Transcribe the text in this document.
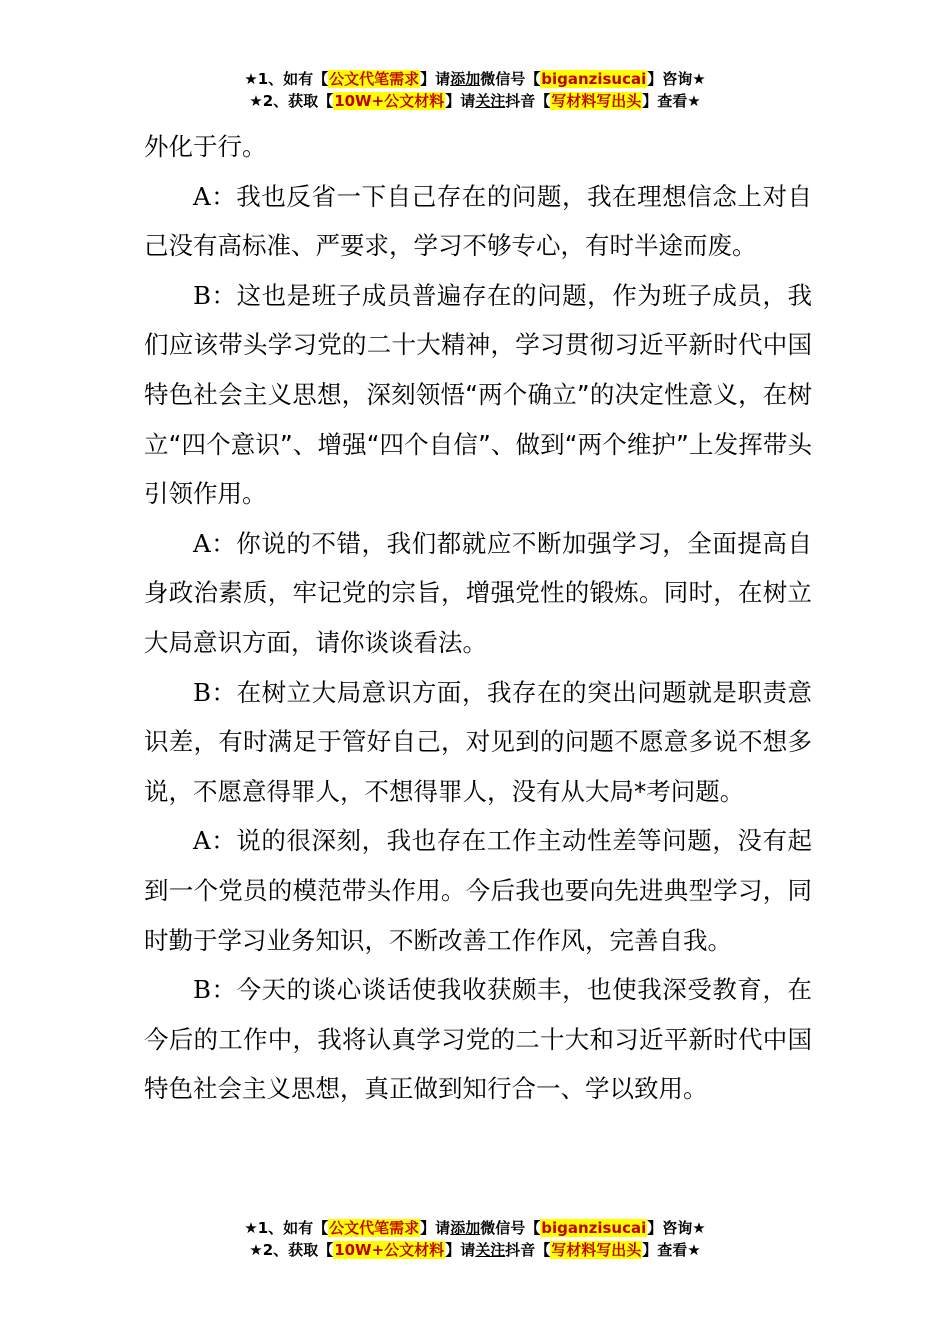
★1、如有【公文代笔需求】请添加微信号【biganzisucai】咨询★
★2、获取【10W+公文材料】请关注抖音【写材料写出头】查看★

外化于行。

A：我也反省一下自己存在的问题，我在理想信念上对自己没有高标准、严要求，学习不够专心，有时半途而废。

B：这也是班子成员普遍存在的问题，作为班子成员，我们应该带头学习党的二十大精神，学习贯彻习近平新时代中国特色社会主义思想，深刻领悟“两个确立”的决定性意义，在树立“四个意识”、增强“四个自信”、做到“两个维护”上发挥带头引领作用。

A：你说的不错，我们都就应不断加强学习，全面提高自身政治素质，牢记党的宗旨，增强党性的锻炼。同时，在树立大局意识方面，请你谈谈看法。

B：在树立大局意识方面，我存在的突出问题就是职责意识差，有时满足于管好自己，对见到的问题不愿意多说不想多说，不愿意得罪人，不想得罪人，没有从大局*考问题。

A：说的很深刻，我也存在工作主动性差等问题，没有起到一个党员的模范带头作用。今后我也要向先进典型学习，同时勤于学习业务知识，不断改善工作作风，完善自我。

B：今天的谈心谈话使我收获颇丰，也使我深受教育，在今后的工作中，我将认真学习党的二十大和习近平新时代中国特色社会主义思想，真正做到知行合一、学以致用。

★1、如有【公文代笔需求】请添加微信号【biganzisucai】咨询★
★2、获取【10W+公文材料】请关注抖音【写材料写出头】查看★
